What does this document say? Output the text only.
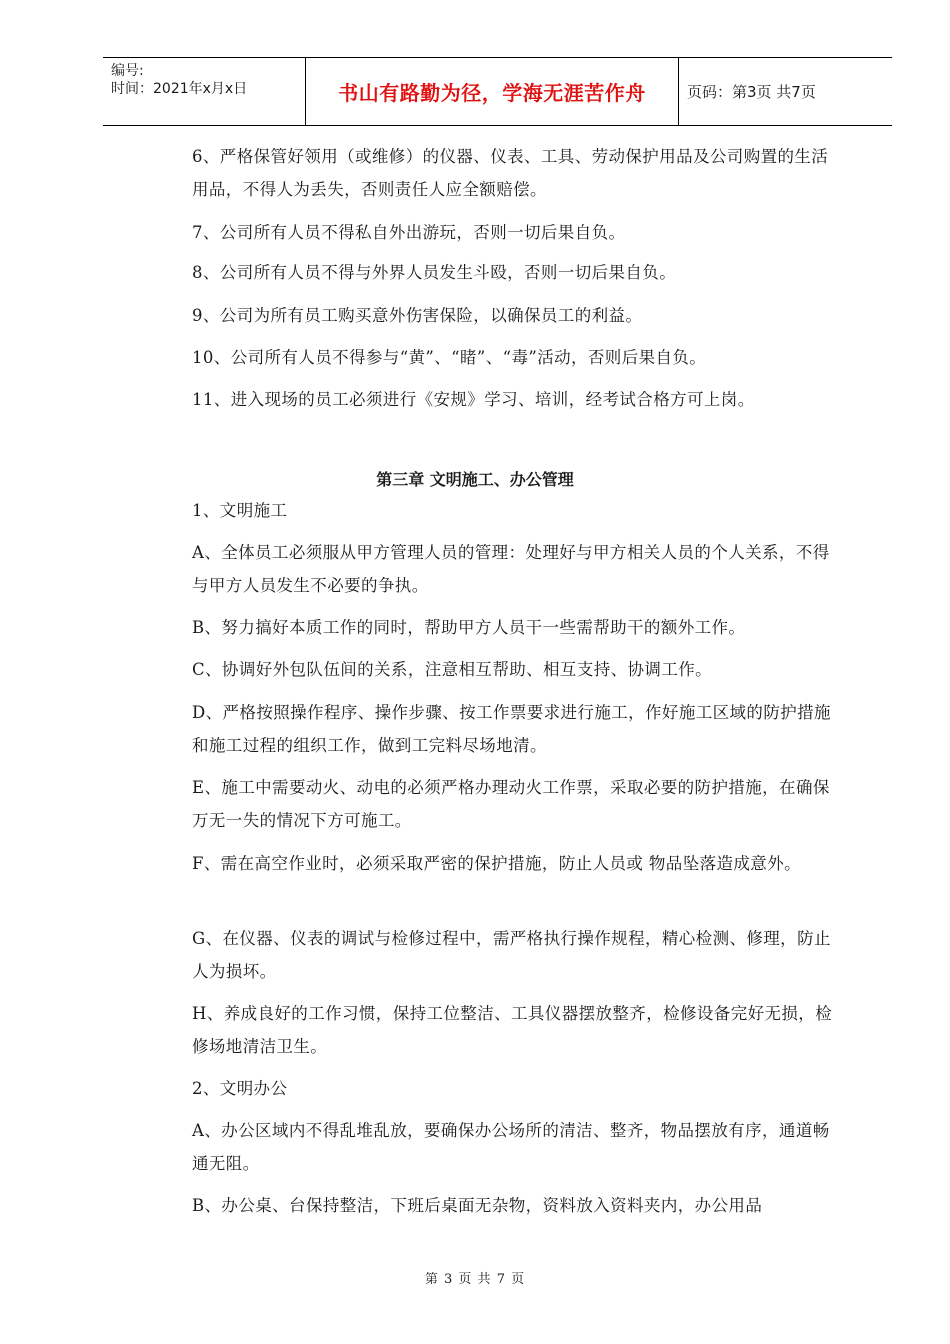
编号:
时间：2021年x月x日	书山有路勤为径，学海无涯苦作舟	页码：第3页 共7页

6、严格保管好领用（或维修）的仪器、仪表、工具、劳动保护用品及公司购置的生活用品，不得人为丢失，否则责任人应全额赔偿。

7、公司所有人员不得私自外出游玩，否则一切后果自负。

8、公司所有人员不得与外界人员发生斗殴，否则一切后果自负。

9、公司为所有员工购买意外伤害保险，以确保员工的利益。

10、公司所有人员不得参与“黄”、“睹”、“毒”活动，否则后果自负。

11、进入现场的员工必须进行《安规》学习、培训，经考试合格方可上岗。

第三章 文明施工、办公管理

1、文明施工

A、全体员工必须服从甲方管理人员的管理：处理好与甲方相关人员的个人关系，不得与甲方人员发生不必要的争执。

B、努力搞好本质工作的同时，帮助甲方人员干一些需帮助干的额外工作。

C、协调好外包队伍间的关系，注意相互帮助、相互支持、协调工作。

D、严格按照操作程序、操作步骤、按工作票要求进行施工，作好施工区域的防护措施和施工过程的组织工作，做到工完料尽场地清。

E、施工中需要动火、动电的必须严格办理动火工作票，采取必要的防护措施，在确保万无一失的情况下方可施工。

F、需在高空作业时，必须采取严密的保护措施，防止人员或 物品坠落造成意外。

G、在仪器、仪表的调试与检修过程中，需严格执行操作规程，精心检测、修理，防止人为损坏。

H、养成良好的工作习惯，保持工位整洁、工具仪器摆放整齐，检修设备完好无损，检修场地清洁卫生。

2、文明办公

A、办公区域内不得乱堆乱放，要确保办公场所的清洁、整齐，物品摆放有序，通道畅通无阻。

B、办公桌、台保持整洁，下班后桌面无杂物，资料放入资料夹内，办公用品

第 3 页 共 7 页
